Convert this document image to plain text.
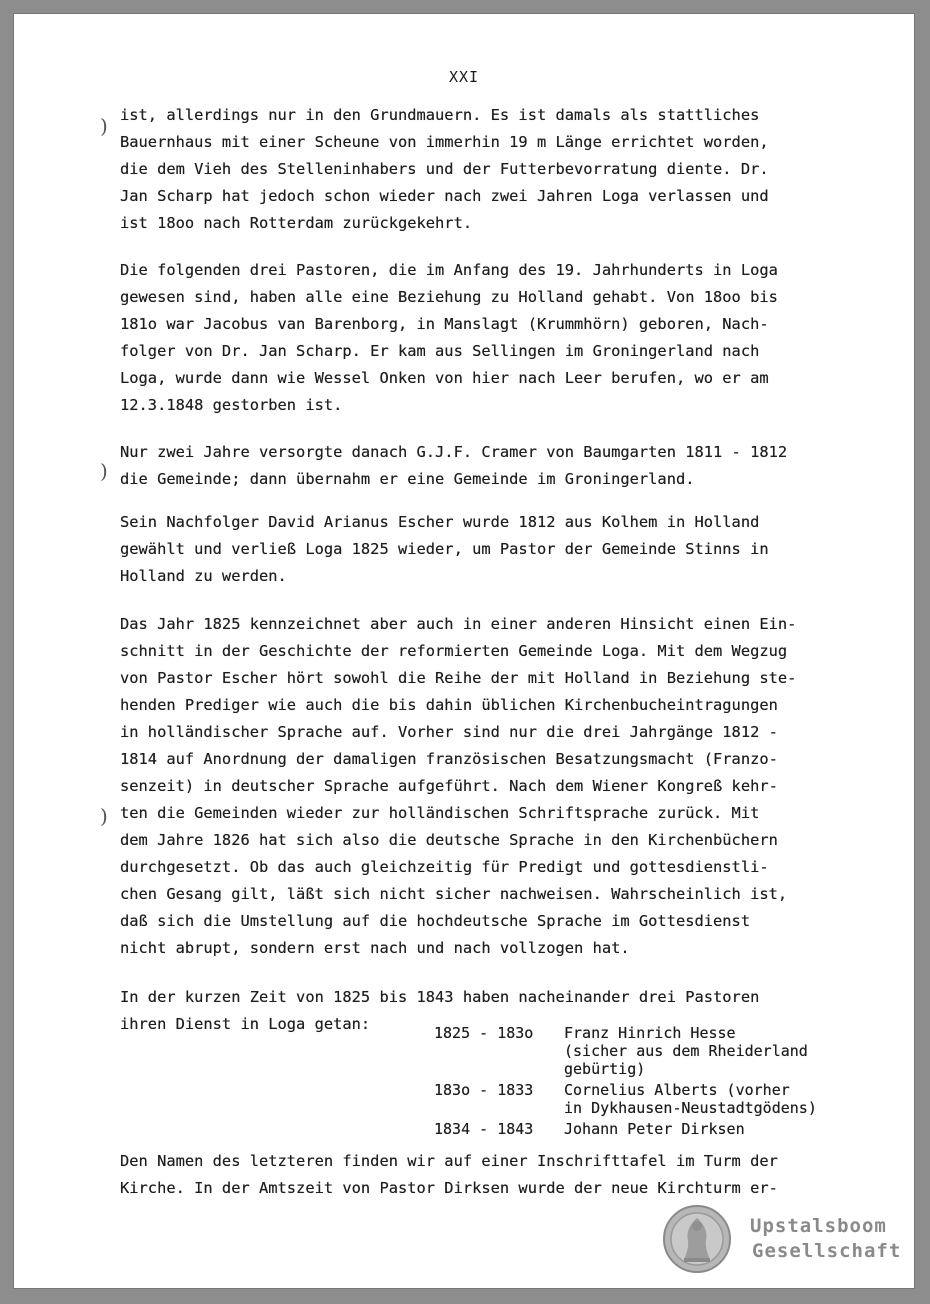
XXI
)
)
)

ist, allerdings nur in den Grundmauern. Es ist damals als stattliches
Bauernhaus mit einer Scheune von immerhin 19 m Länge errichtet worden,
die dem Vieh des Stelleninhabers und der Futterbevorratung diente. Dr.
Jan Scharp hat jedoch schon wieder nach zwei Jahren Loga verlassen und
ist 18oo nach Rotterdam zurückgekehrt.

Die folgenden drei Pastoren, die im Anfang des 19. Jahrhunderts in Loga
gewesen sind, haben alle eine Beziehung zu Holland gehabt. Von 18oo bis
181o war Jacobus van Barenborg, in Manslagt (Krummhörn) geboren, Nach-
folger von Dr. Jan Scharp. Er kam aus Sellingen im Groningerland nach
Loga, wurde dann wie Wessel Onken von hier nach Leer berufen, wo er am
12.3.1848 gestorben ist.

Nur zwei Jahre versorgte danach G.J.F. Cramer von Baumgarten 1811 - 1812
die Gemeinde; dann übernahm er eine Gemeinde im Groningerland.

Sein Nachfolger David Arianus Escher wurde 1812 aus Kolhem in Holland
gewählt und verließ Loga 1825 wieder, um Pastor der Gemeinde Stinns in
Holland zu werden.

Das Jahr 1825 kennzeichnet aber auch in einer anderen Hinsicht einen Ein-
schnitt in der Geschichte der reformierten Gemeinde Loga. Mit dem Wegzug
von Pastor Escher hört sowohl die Reihe der mit Holland in Beziehung ste-
henden Prediger wie auch die bis dahin üblichen Kirchenbucheintragungen
in holländischer Sprache auf. Vorher sind nur die drei Jahrgänge 1812 -
1814 auf Anordnung der damaligen französischen Besatzungsmacht (Franzo-
senzeit) in deutscher Sprache aufgeführt. Nach dem Wiener Kongreß kehr-
ten die Gemeinden wieder zur holländischen Schriftsprache zurück. Mit
dem Jahre 1826 hat sich also die deutsche Sprache in den Kirchenbüchern
durchgesetzt. Ob das auch gleichzeitig für Predigt und gottesdienstli-
chen Gesang gilt, läßt sich nicht sicher nachweisen. Wahrscheinlich ist,
daß sich die Umstellung auf die hochdeutsche Sprache im Gottesdienst
nicht abrupt, sondern erst nach und nach vollzogen hat.

In der kurzen Zeit von 1825 bis 1843 haben nacheinander drei Pastoren
ihren Dienst in Loga getan:	1825 - 183o	Franz Hinrich Hesse
	(sicher aus dem Rheiderland
	gebürtig)
183o - 1833	Cornelius Alberts (vorher
	in Dykhausen-Neustadtgödens)
1834 - 1843	Johann Peter Dirksen

Den Namen des letzteren finden wir auf einer Inschrifttafel im Turm der
Kirche. In der Amtszeit von Pastor Dirksen wurde der neue Kirchturm er-

Upstalsboom
Gesellschaft
